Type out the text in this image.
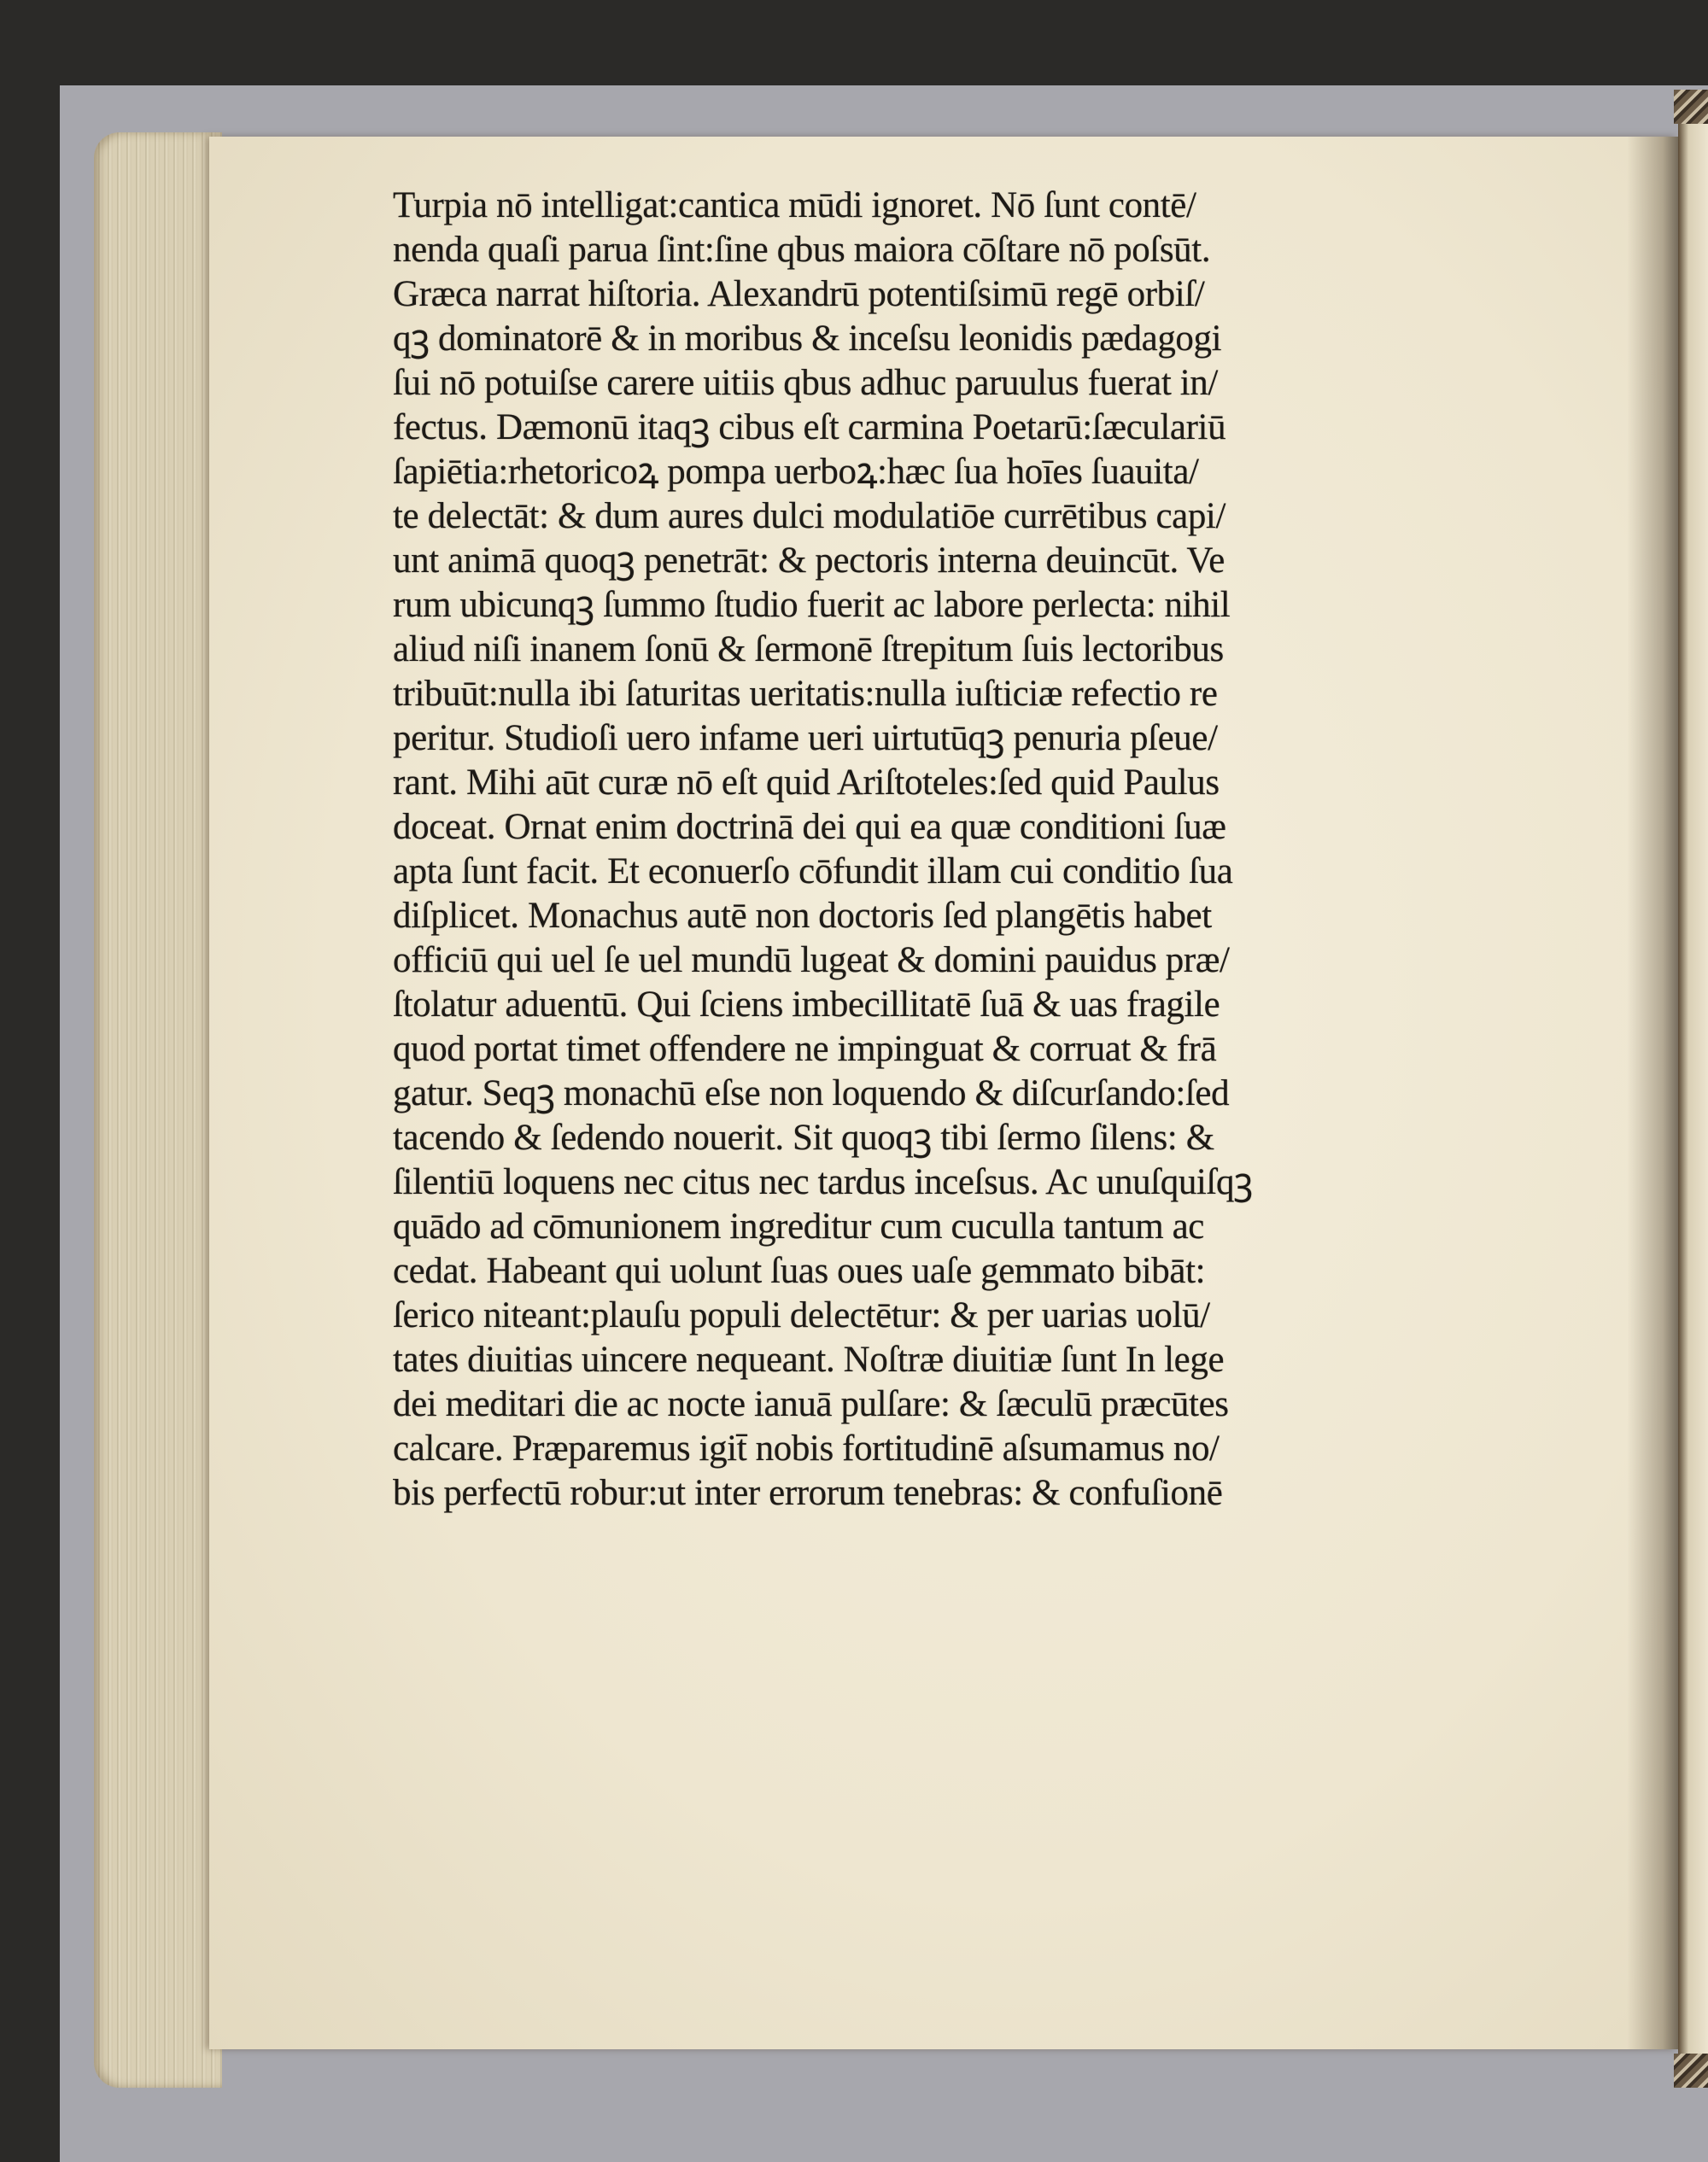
Turpia nō intelligat:cantica mūdi ignoret. Nō ſunt contē/
nenda quaſi parua ſint:ſine qbus maiora cōſtare nō poſsūt.
Græca narrat hiſtoria. Alexandrū potentiſsimū regē orbiſ/
qꝫ dominatorē & in moribus & inceſsu leonidis pædagogi
ſui nō potuiſse carere uitiis qbus adhuc paruulus fuerat in/
fectus. Dæmonū itaqꝫ cibus eſt carmina Poetarū:ſæculariū
ſapiētia:rhetoricoꝝ pompa uerboꝝ:hæc ſua hoīes ſuauita/
te delectāt: & dum aures dulci modulatiōe currētibus capi/
unt animā quoqꝫ penetrāt: & pectoris interna deuincūt. Ve
rum ubicunqꝫ ſummo ſtudio fuerit ac labore perlecta: nihil
aliud niſi inanem ſonū & ſermonē ſtrepitum ſuis lectoribus
tribuūt:nulla ibi ſaturitas ueritatis:nulla iuſticiæ refectio re
peritur. Studioſi uero infame ueri uirtutūqꝫ penuria pſeue/
rant. Mihi aūt curæ nō eſt quid Ariſtoteles:ſed quid Paulus
doceat. Ornat enim doctrinā dei qui ea quæ conditioni ſuæ
apta ſunt facit. Et econuerſo cōfundit illam cui conditio ſua
diſplicet. Monachus autē non doctoris ſed plangētis habet
officiū qui uel ſe uel mundū lugeat & domini pauidus præ/
ſtolatur aduentū. Qui ſciens imbecillitatē ſuā & uas fragile
quod portat timet offendere ne impinguat & corruat & frā
gatur. Seqꝫ monachū eſse non loquendo & diſcurſando:ſed
tacendo & ſedendo nouerit. Sit quoqꝫ tibi ſermo ſilens: &
ſilentiū loquens nec citus nec tardus inceſsus. Ac unuſquiſqꝫ
quādo ad cōmunionem ingreditur cum cuculla tantum ac
cedat. Habeant qui uolunt ſuas oues uaſe gemmato bibāt:
ſerico niteant:plauſu populi delectētur: & per uarias uolū/
tates diuitias uincere nequeant. Noſtræ diuitiæ ſunt In lege
dei meditari die ac nocte ianuā pulſare: & ſæculū præcūtes
calcare. Præparemus igit̄ nobis fortitudinē aſsumamus no/
bis perfectū robur:ut inter errorum tenebras: & confuſionē
